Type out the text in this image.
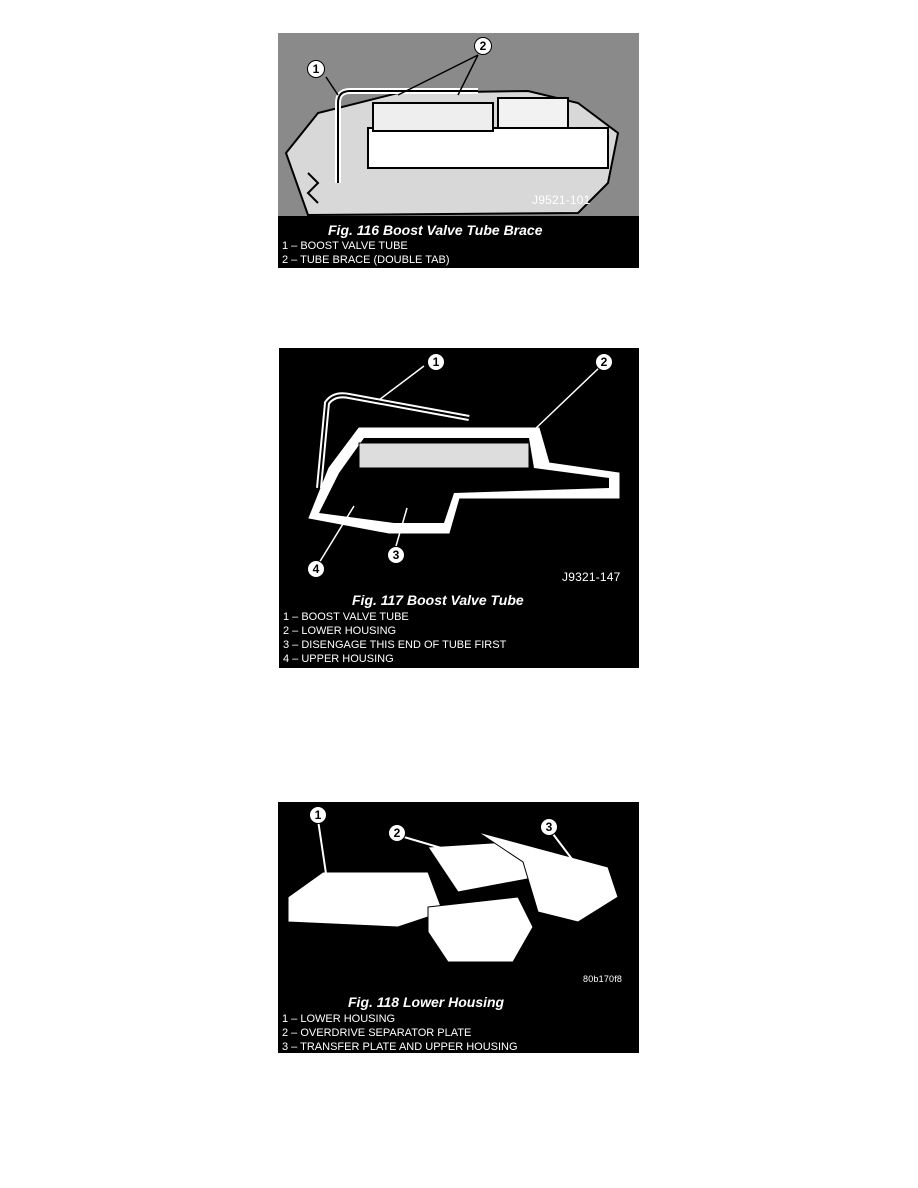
1
2
J9521-101
Fig. 116 Boost Valve Tube Brace
1 – BOOST VALVE TUBE
2 – TUBE BRACE (DOUBLE TAB)
1	2
3
4
J9321-147
Fig. 117 Boost Valve Tube
1 – BOOST VALVE TUBE
2 – LOWER HOUSING
3 – DISENGAGE THIS END OF TUBE FIRST
4 – UPPER HOUSING
1
2	3
80b170f8
Fig. 118 Lower Housing
1 – LOWER HOUSING
2 – OVERDRIVE SEPARATOR PLATE
3 – TRANSFER PLATE AND UPPER HOUSING
